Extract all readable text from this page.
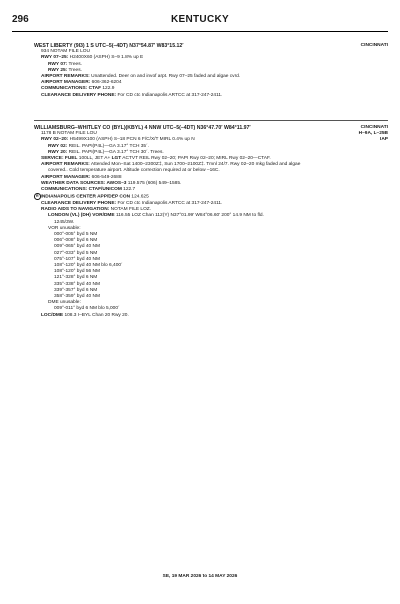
296	KENTUCKY
CINCINNATI
WEST LIBERTY (9I3) 1 S UTC–5(–4DT) N37°54.87′ W83°15.12′
934 NOTAM FILE LOU
RWY 07–25: H2400X60 (ASPH) S–9 1.8% up E
RWY 07: Trees.
RWY 25: Trees.
AIRPORT REMARKS: Unattended. Deer on and invof arpt. Rwy 07–25 faded and algae cvrd.
AIRPORT MANAGER: 606-362-6204
COMMUNICATIONS: CTAF 122.9
CLEARANCE DELIVERY PHONE: For CD ctc Indianapolis ARTCC at 317-247-2411.
CINCINNATI
H–9A, L–25B
IAP
WILLIAMSBURG–WHITLEY CO (BYL)(KBYL) 4 NNW UTC–5(–4DT) N36°47.70′ W84°11.97′
1178 B NOTAM FILE LOU
RWY 02–20: H5499X100 (ASPH) S–18 PCN 6 F/C/X/T MIRL 0.4% up N
RWY 02: REIL. PAPI(P4L)—GA 3.17° TCH 35´.
RWY 20: REIL. PAPI(P4L)—GA 3.17° TCH 30´. Trees.
SERVICE: FUEL 100LL, JET A+ LGT ACTVT REIL Rwy 02–20; PAPI Rwy 02–20; MIRL Rwy 02–20—CTAF.
AIRPORT REMARKS: Attended Mon–Sat 1400–2300Z‡, Sun 1700–2100Z‡. Tmnl 24/7. Rwy 02–20 mkg faded and algae
covered.. Cold temperature airport. Altitude correction required at or below –16C.
AIRPORT MANAGER: 606-549-2688
WEATHER DATA SOURCES: AWOS–3 119.575 (606) 549–1585.
COMMUNICATIONS: CTAF/UNICOM 122.7
R INDIANAPOLIS CENTER APP/DEP CON 124.625
CLEARANCE DELIVERY PHONE: For CD ctc Indianapolis ARTCC at 317-247-2411.
RADIO AIDS TO NAVIGATION: NOTAM FILE LOZ.
LONDON (VL) (DH) VOR/DME 116.55 LOZ Chan 112(Y) N37°01.99′ W84°06.60′ 200° 14.9 NM to fld.
1245/3W.
VOR unusable:
000°-005° byd 5 NM
006°-008° byd 6 NM
009°-065° byd 40 NM
027°-033° byd 5 NM
075°-107° byd 40 NM
108°-120° byd 40 NM blo 6,400´
108°-120° byd 56 NM
121°-328° byd 6 NM
335°-338° byd 40 NM
339°-357° byd 6 NM
358°-359° byd 40 NM
DME unusable:
009°-011° byd 6 NM blo 5,000´
LOC/DME 108.3 I–BYL Chan 20 Rwy 20.
SE, 19 MAR 2026 to 14 MAY 2026
